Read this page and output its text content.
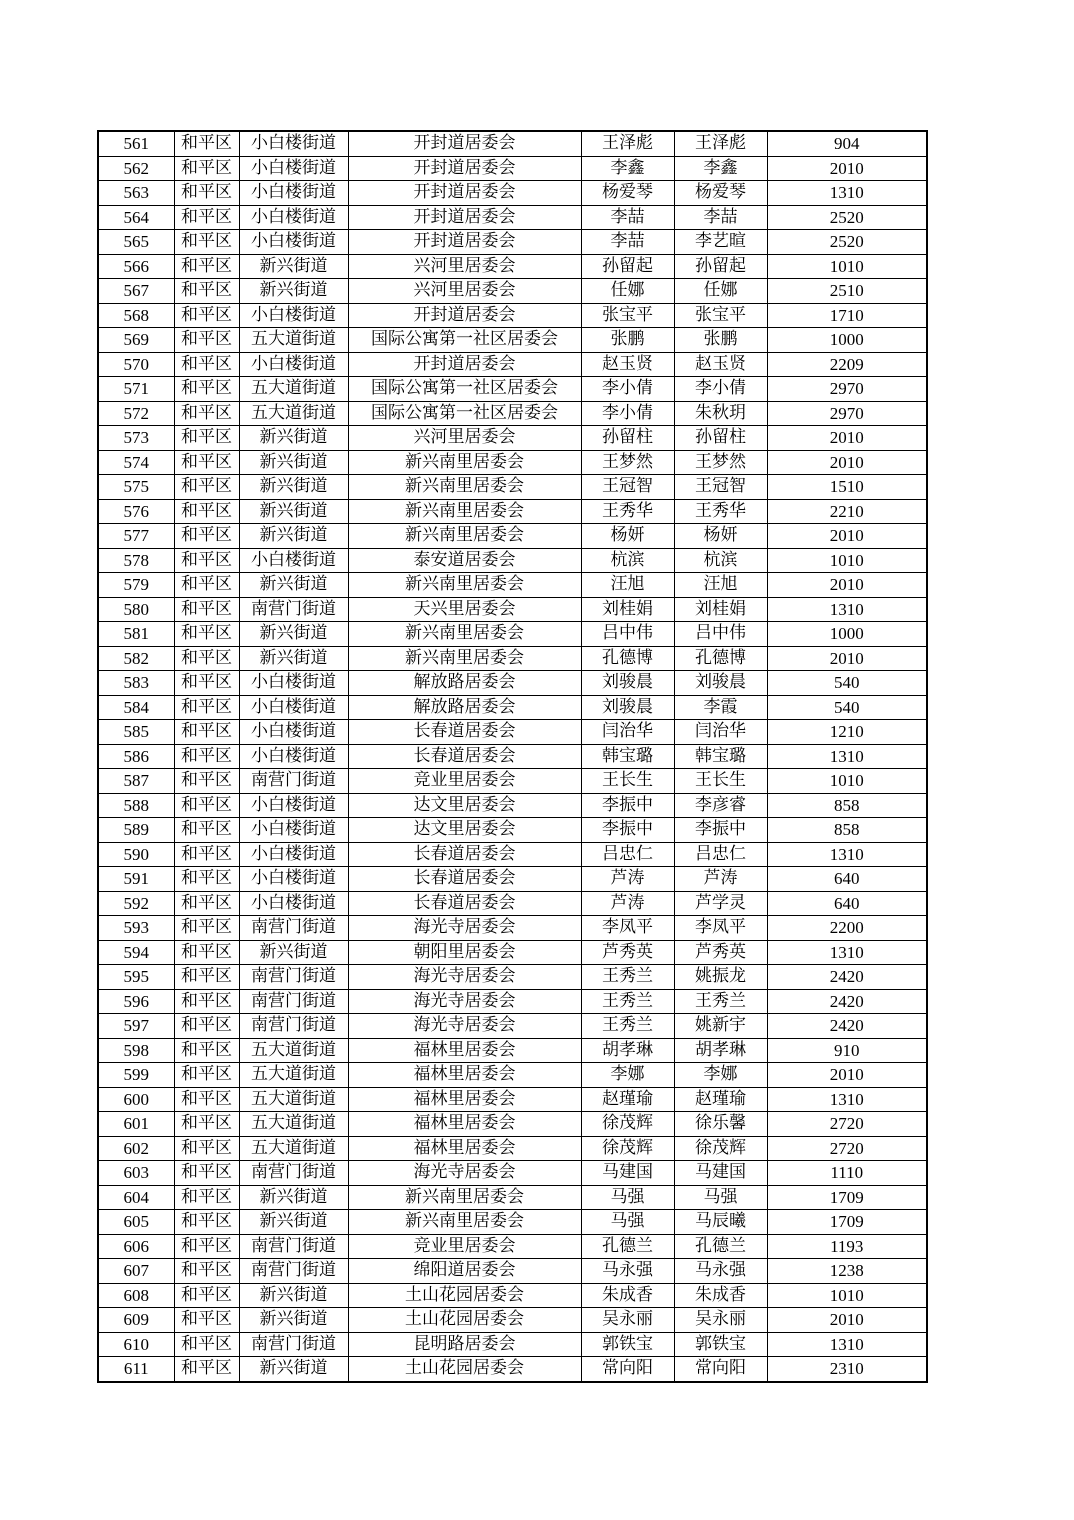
561	和平区	小白楼街道	开封道居委会	王泽彪	王泽彪	904
562	和平区	小白楼街道	开封道居委会	李鑫	李鑫	2010
563	和平区	小白楼街道	开封道居委会	杨爱琴	杨爱琴	1310
564	和平区	小白楼街道	开封道居委会	李喆	李喆	2520
565	和平区	小白楼街道	开封道居委会	李喆	李艺暄	2520
566	和平区	新兴街道	兴河里居委会	孙留起	孙留起	1010
567	和平区	新兴街道	兴河里居委会	任娜	任娜	2510
568	和平区	小白楼街道	开封道居委会	张宝平	张宝平	1710
569	和平区	五大道街道	国际公寓第一社区居委会	张鹏	张鹏	1000
570	和平区	小白楼街道	开封道居委会	赵玉贤	赵玉贤	2209
571	和平区	五大道街道	国际公寓第一社区居委会	李小倩	李小倩	2970
572	和平区	五大道街道	国际公寓第一社区居委会	李小倩	朱秋玥	2970
573	和平区	新兴街道	兴河里居委会	孙留柱	孙留柱	2010
574	和平区	新兴街道	新兴南里居委会	王梦然	王梦然	2010
575	和平区	新兴街道	新兴南里居委会	王冠智	王冠智	1510
576	和平区	新兴街道	新兴南里居委会	王秀华	王秀华	2210
577	和平区	新兴街道	新兴南里居委会	杨妍	杨妍	2010
578	和平区	小白楼街道	泰安道居委会	杭滨	杭滨	1010
579	和平区	新兴街道	新兴南里居委会	汪旭	汪旭	2010
580	和平区	南营门街道	天兴里居委会	刘桂娟	刘桂娟	1310
581	和平区	新兴街道	新兴南里居委会	吕中伟	吕中伟	1000
582	和平区	新兴街道	新兴南里居委会	孔德博	孔德博	2010
583	和平区	小白楼街道	解放路居委会	刘骏晨	刘骏晨	540
584	和平区	小白楼街道	解放路居委会	刘骏晨	李霞	540
585	和平区	小白楼街道	长春道居委会	闫治华	闫治华	1210
586	和平区	小白楼街道	长春道居委会	韩宝璐	韩宝璐	1310
587	和平区	南营门街道	竞业里居委会	王长生	王长生	1010
588	和平区	小白楼街道	达文里居委会	李振中	李彦睿	858
589	和平区	小白楼街道	达文里居委会	李振中	李振中	858
590	和平区	小白楼街道	长春道居委会	吕忠仁	吕忠仁	1310
591	和平区	小白楼街道	长春道居委会	芦涛	芦涛	640
592	和平区	小白楼街道	长春道居委会	芦涛	芦学灵	640
593	和平区	南营门街道	海光寺居委会	李凤平	李凤平	2200
594	和平区	新兴街道	朝阳里居委会	芦秀英	芦秀英	1310
595	和平区	南营门街道	海光寺居委会	王秀兰	姚振龙	2420
596	和平区	南营门街道	海光寺居委会	王秀兰	王秀兰	2420
597	和平区	南营门街道	海光寺居委会	王秀兰	姚新宇	2420
598	和平区	五大道街道	福林里居委会	胡孝琳	胡孝琳	910
599	和平区	五大道街道	福林里居委会	李娜	李娜	2010
600	和平区	五大道街道	福林里居委会	赵瑾瑜	赵瑾瑜	1310
601	和平区	五大道街道	福林里居委会	徐茂辉	徐乐馨	2720
602	和平区	五大道街道	福林里居委会	徐茂辉	徐茂辉	2720
603	和平区	南营门街道	海光寺居委会	马建国	马建国	1110
604	和平区	新兴街道	新兴南里居委会	马强	马强	1709
605	和平区	新兴街道	新兴南里居委会	马强	马辰曦	1709
606	和平区	南营门街道	竞业里居委会	孔德兰	孔德兰	1193
607	和平区	南营门街道	绵阳道居委会	马永强	马永强	1238
608	和平区	新兴街道	土山花园居委会	朱成香	朱成香	1010
609	和平区	新兴街道	土山花园居委会	吴永丽	吴永丽	2010
610	和平区	南营门街道	昆明路居委会	郭铁宝	郭铁宝	1310
611	和平区	新兴街道	土山花园居委会	常向阳	常向阳	2310
